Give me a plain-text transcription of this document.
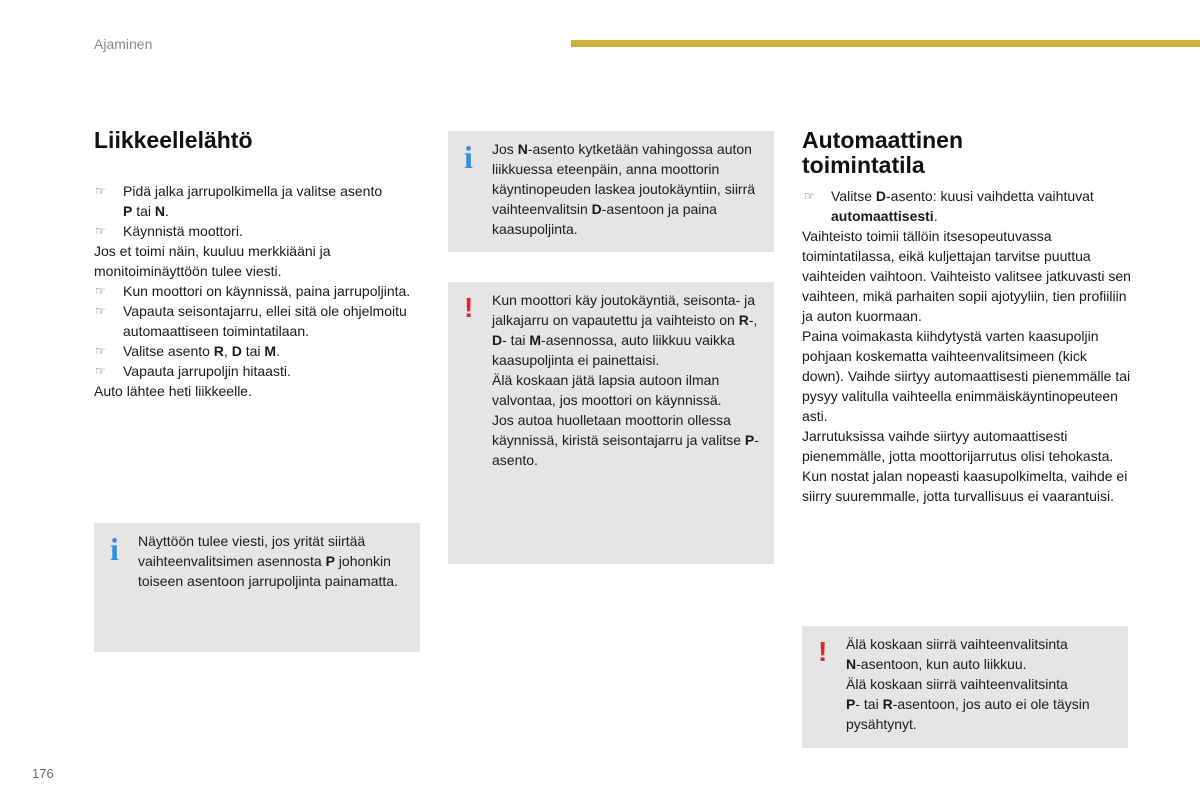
Ajaminen
176
Liikkeellelähtö
☞ Pidä jalka jarrupolkimella ja valitse asento
P tai N.
☞ Käynnistä moottori.

Jos et toimi näin, kuuluu merkkiääni ja monitoiminäyttöön tulee viesti.

☞ Kun moottori on käynnissä, paina jarrupoljinta.
☞ Vapauta seisontajarru, ellei sitä ole ohjelmoitu automaattiseen toimintatilaan.
☞ Valitse asento R, D tai M.
☞ Vapauta jarrupoljin hitaasti.

Auto lähtee heti liikkeelle.

i Jos N-asento kytketään vahingossa auton liikkuessa eteenpäin, anna moottorin käyntinopeuden laskea joutokäyntiin, siirrä vaihteenvalitsin D-asentoon ja paina kaasupoljinta.
! Kun moottori käy joutokäyntiä, seisonta- ja jalkajarru on vapautettu ja vaihteisto on R-, D- tai M-asennossa, auto liikkuu vaikka kaasupoljinta ei painettaisi.

Älä koskaan jätä lapsia autoon ilman valvontaa, jos moottori on käynnissä.

Jos autoa huolletaan moottorin ollessa käynnissä, kiristä seisontajarru ja valitse P-asento.

i Näyttöön tulee viesti, jos yrität siirtää vaihteenvalitsimen asennosta P johonkin toiseen asentoon jarrupoljinta painamatta.
Automaattinen
toimintatila
☞ Valitse D-asento: kuusi vaihdetta vaihtuvat
automaattisesti.

Vaihteisto toimii tällöin itsesopeutuvassa toimintatilassa, eikä kuljettajan tarvitse puuttua vaihteiden vaihtoon. Vaihteisto valitsee jatkuvasti sen vaihteen, mikä parhaiten sopii ajotyyliin, tien profiiliin ja auton kuormaan.

Paina voimakasta kiihdytystä varten kaasupoljin pohjaan koskematta vaihteenvalitsimeen (kick down). Vaihde siirtyy automaattisesti pienemmälle tai pysyy valitulla vaihteella enimmäiskäyntinopeuteen asti.

Jarrutuksissa vaihde siirtyy automaattisesti pienemmälle, jotta moottorijarrutus olisi tehokasta.

Kun nostat jalan nopeasti kaasupolkimelta, vaihde ei siirry suuremmalle, jotta turvallisuus ei vaarantuisi.

! Älä koskaan siirrä vaihteenvalitsinta
N-asentoon, kun auto liikkuu.

Älä koskaan siirrä vaihteenvalitsinta
P- tai R-asentoon, jos auto ei ole täysin pysähtynyt.
